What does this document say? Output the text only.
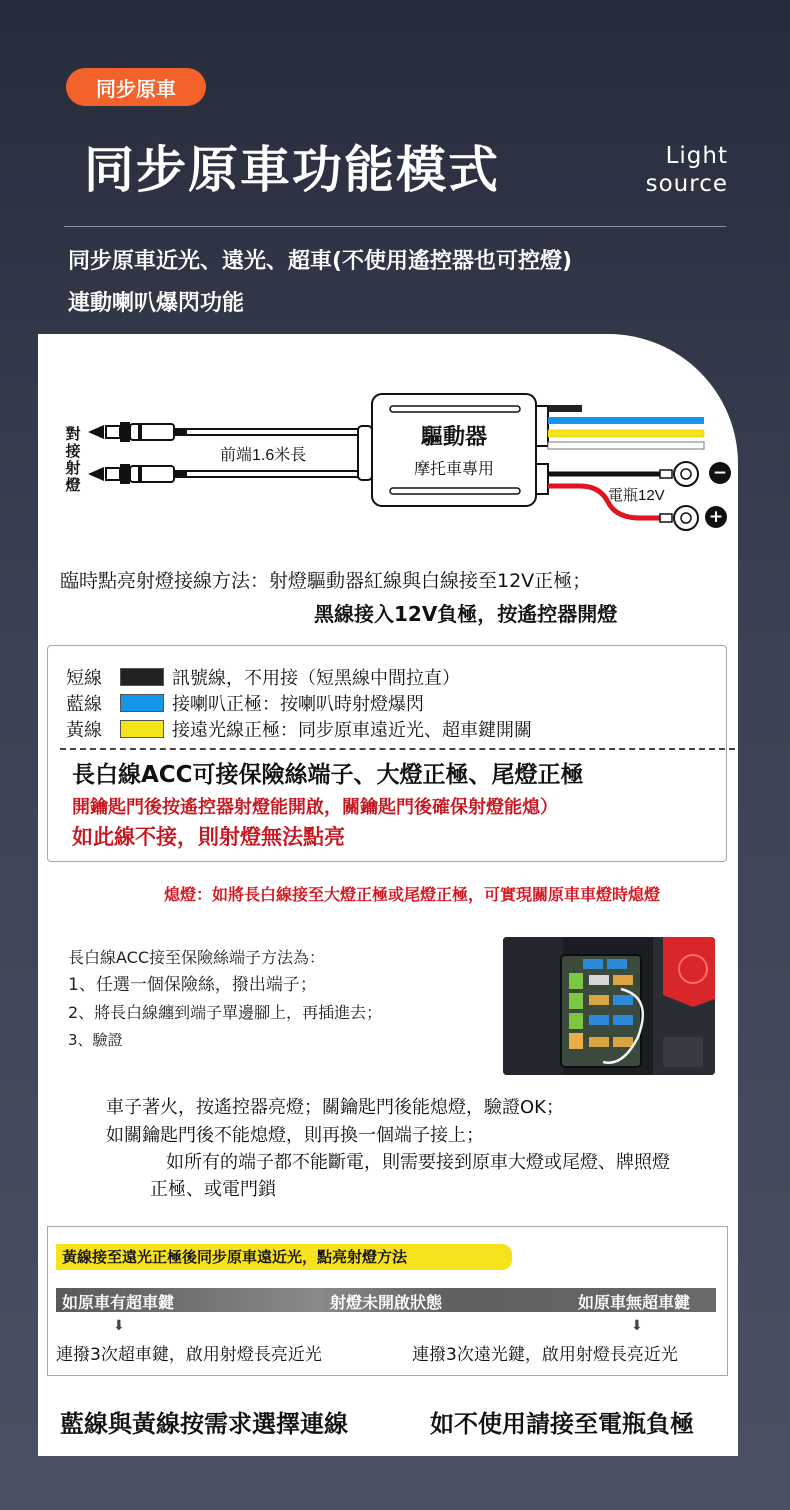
同步原車
同步原車功能模式	Light
source
同步原車近光、遠光、超車(不使用遙控器也可控燈)
連動喇叭爆閃功能
對接射燈	前端1.6米長
驅動器
摩托車專用	−
+
電瓶12V
臨時點亮射燈接線方法：射燈驅動器紅線與白線接至12V正極；
黑線接入12V負極，按遙控器開燈
短線	訊號線，不用接（短黑線中間拉直）
藍線	接喇叭正極：按喇叭時射燈爆閃
黃線	接遠光線正極：同步原車遠近光、超車鍵開關
長白線ACC可接保險絲端子、大燈正極、尾燈正極
開鑰匙門後按遙控器射燈能開啟，關鑰匙門後確保射燈能熄）
如此線不接，則射燈無法點亮
熄燈：如將長白線接至大燈正極或尾燈正極，可實現關原車車燈時熄燈
長白線ACC接至保險絲端子方法為：
1、任選一個保險絲，撥出端子；
2、將長白線纏到端子單邊腳上，再插進去；
3、驗證
車子著火，按遙控器亮燈；關鑰匙門後能熄燈，驗證OK；
如關鑰匙門後不能熄燈，則再換一個端子接上；
如所有的端子都不能斷電，則需要接到原車大燈或尾燈、牌照燈
正極、或電門鎖
黃線接至遠光正極後同步原車遠近光，點亮射燈方法
如原車有超車鍵	射燈未開啟狀態	如原車無超車鍵
⬇	⬇
連撥3次超車鍵，啟用射燈長亮近光	連撥3次遠光鍵，啟用射燈長亮近光
藍線與黃線按需求選擇連線	如不使用請接至電瓶負極
